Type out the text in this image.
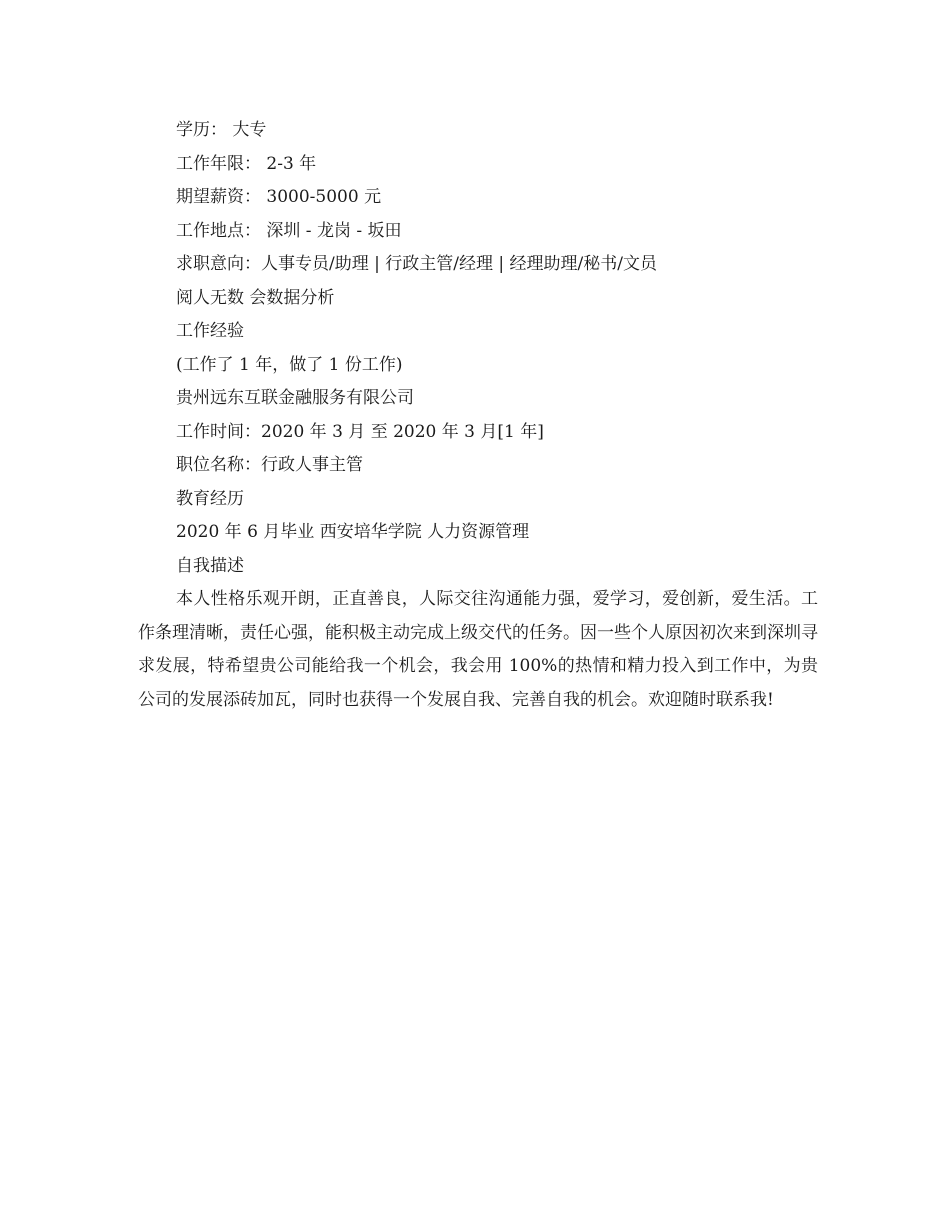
学历： 大专
工作年限： 2-3 年
期望薪资： 3000-5000 元
工作地点： 深圳 - 龙岗 - 坂田
求职意向：人事专员/助理 | 行政主管/经理 | 经理助理/秘书/文员
阅人无数 会数据分析
工作经验
(工作了 1 年，做了 1 份工作)
贵州远东互联金融服务有限公司
工作时间：2020 年 3 月 至 2020 年 3 月[1 年]
职位名称：行政人事主管
教育经历
2020 年 6 月毕业 西安培华学院 人力资源管理
自我描述
本人性格乐观开朗，正直善良，人际交往沟通能力强，爱学习，爱创新，爱生活。工作条理清晰，责任心强，能积极主动完成上级交代的任务。因一些个人原因初次来到深圳寻求发展，特希望贵公司能给我一个机会，我会用 100%的热情和精力投入到工作中，为贵公司的发展添砖加瓦，同时也获得一个发展自我、完善自我的机会。欢迎随时联系我!
